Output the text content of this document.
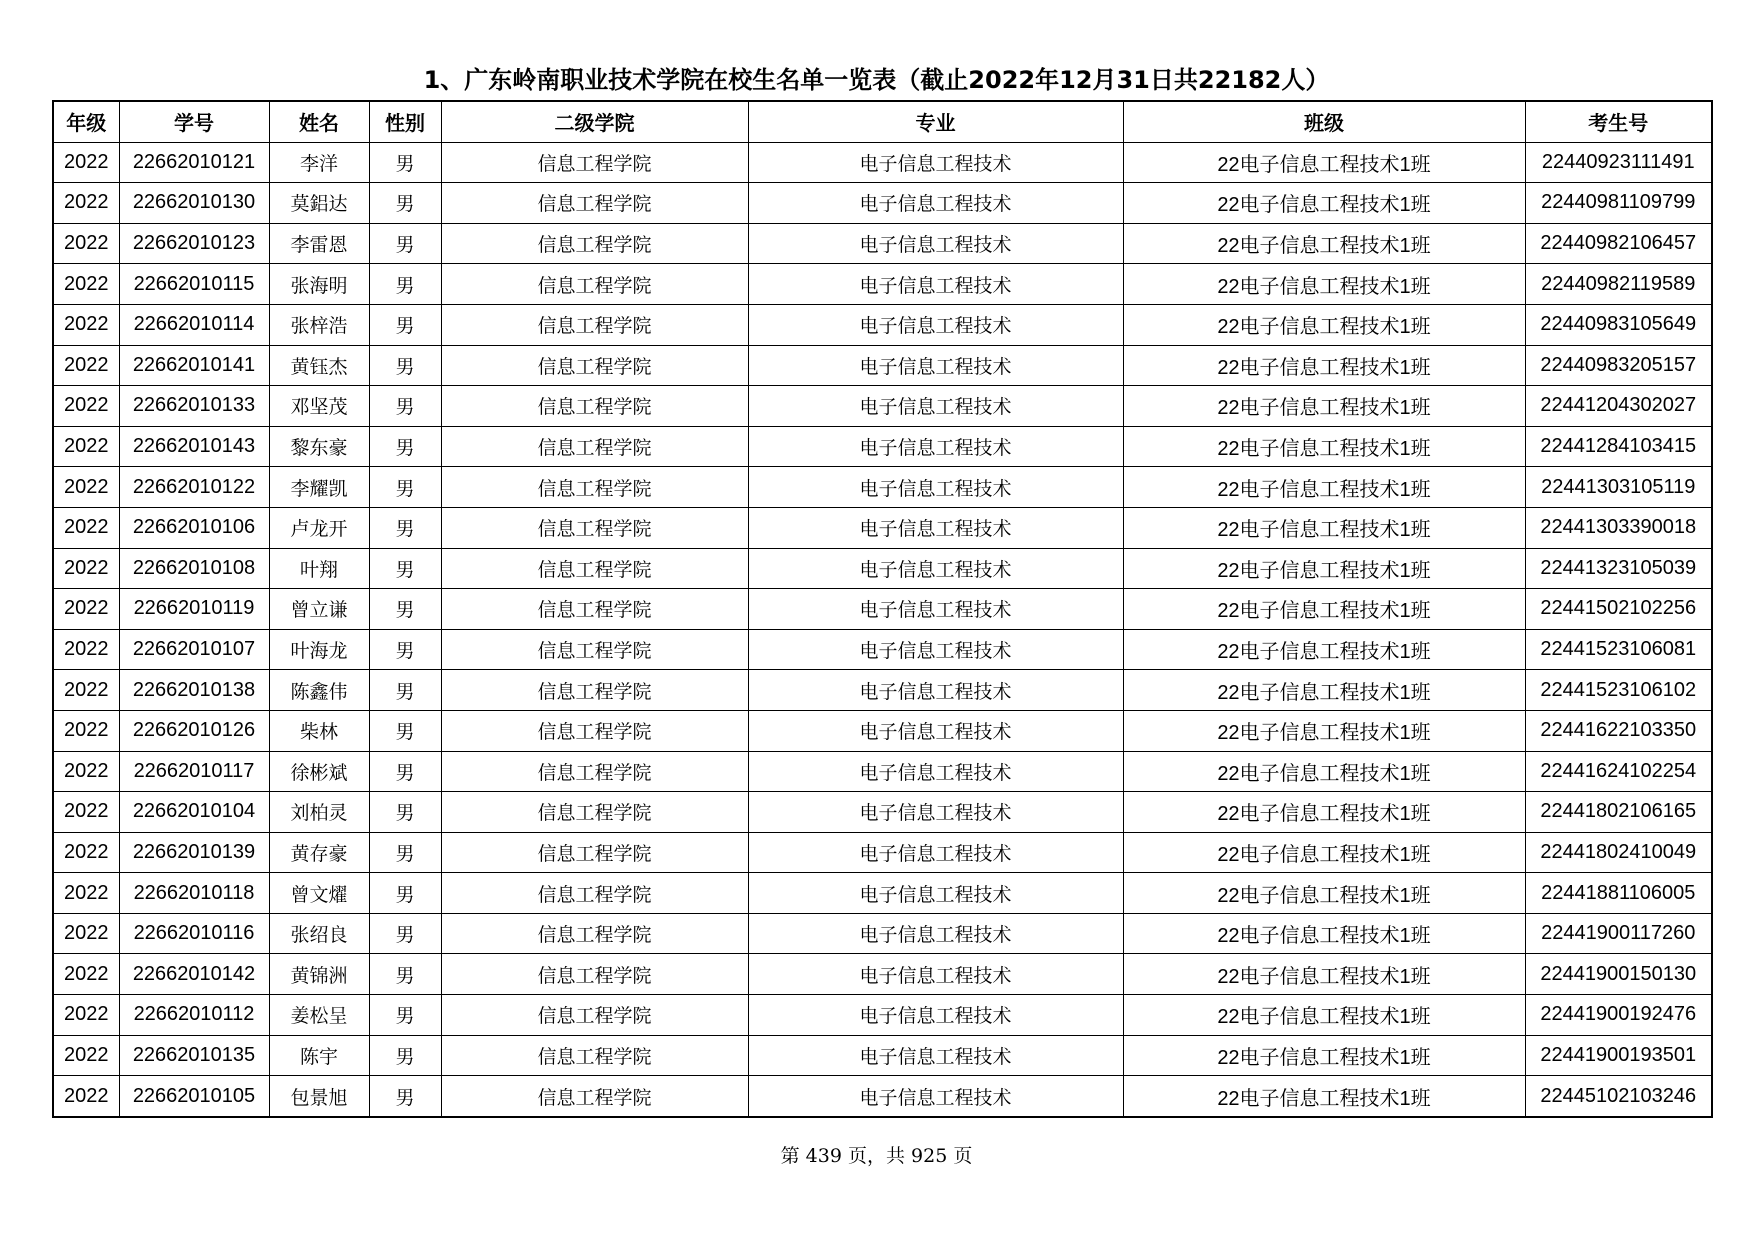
1、广东岭南职业技术学院在校生名单一览表（截止2022年12月31日共22182人）
年级	学号	姓名	性别	二级学院	专业	班级	考生号
2022	22662010121	李洋	男	信息工程学院	电子信息工程技术	22电子信息工程技术1班	22440923111491
2022	22662010130	莫鋁达	男	信息工程学院	电子信息工程技术	22电子信息工程技术1班	22440981109799
2022	22662010123	李雷恩	男	信息工程学院	电子信息工程技术	22电子信息工程技术1班	22440982106457
2022	22662010115	张海明	男	信息工程学院	电子信息工程技术	22电子信息工程技术1班	22440982119589
2022	22662010114	张梓浩	男	信息工程学院	电子信息工程技术	22电子信息工程技术1班	22440983105649
2022	22662010141	黄钰杰	男	信息工程学院	电子信息工程技术	22电子信息工程技术1班	22440983205157
2022	22662010133	邓坚茂	男	信息工程学院	电子信息工程技术	22电子信息工程技术1班	22441204302027
2022	22662010143	黎东豪	男	信息工程学院	电子信息工程技术	22电子信息工程技术1班	22441284103415
2022	22662010122	李耀凯	男	信息工程学院	电子信息工程技术	22电子信息工程技术1班	22441303105119
2022	22662010106	卢龙开	男	信息工程学院	电子信息工程技术	22电子信息工程技术1班	22441303390018
2022	22662010108	叶翔	男	信息工程学院	电子信息工程技术	22电子信息工程技术1班	22441323105039
2022	22662010119	曾立谦	男	信息工程学院	电子信息工程技术	22电子信息工程技术1班	22441502102256
2022	22662010107	叶海龙	男	信息工程学院	电子信息工程技术	22电子信息工程技术1班	22441523106081
2022	22662010138	陈鑫伟	男	信息工程学院	电子信息工程技术	22电子信息工程技术1班	22441523106102
2022	22662010126	柴林	男	信息工程学院	电子信息工程技术	22电子信息工程技术1班	22441622103350
2022	22662010117	徐彬斌	男	信息工程学院	电子信息工程技术	22电子信息工程技术1班	22441624102254
2022	22662010104	刘柏灵	男	信息工程学院	电子信息工程技术	22电子信息工程技术1班	22441802106165
2022	22662010139	黄存豪	男	信息工程学院	电子信息工程技术	22电子信息工程技术1班	22441802410049
2022	22662010118	曾文燿	男	信息工程学院	电子信息工程技术	22电子信息工程技术1班	22441881106005
2022	22662010116	张绍良	男	信息工程学院	电子信息工程技术	22电子信息工程技术1班	22441900117260
2022	22662010142	黄锦洲	男	信息工程学院	电子信息工程技术	22电子信息工程技术1班	22441900150130
2022	22662010112	姜松呈	男	信息工程学院	电子信息工程技术	22电子信息工程技术1班	22441900192476
2022	22662010135	陈宇	男	信息工程学院	电子信息工程技术	22电子信息工程技术1班	22441900193501
2022	22662010105	包景旭	男	信息工程学院	电子信息工程技术	22电子信息工程技术1班	22445102103246
第 439 页，共 925 页
